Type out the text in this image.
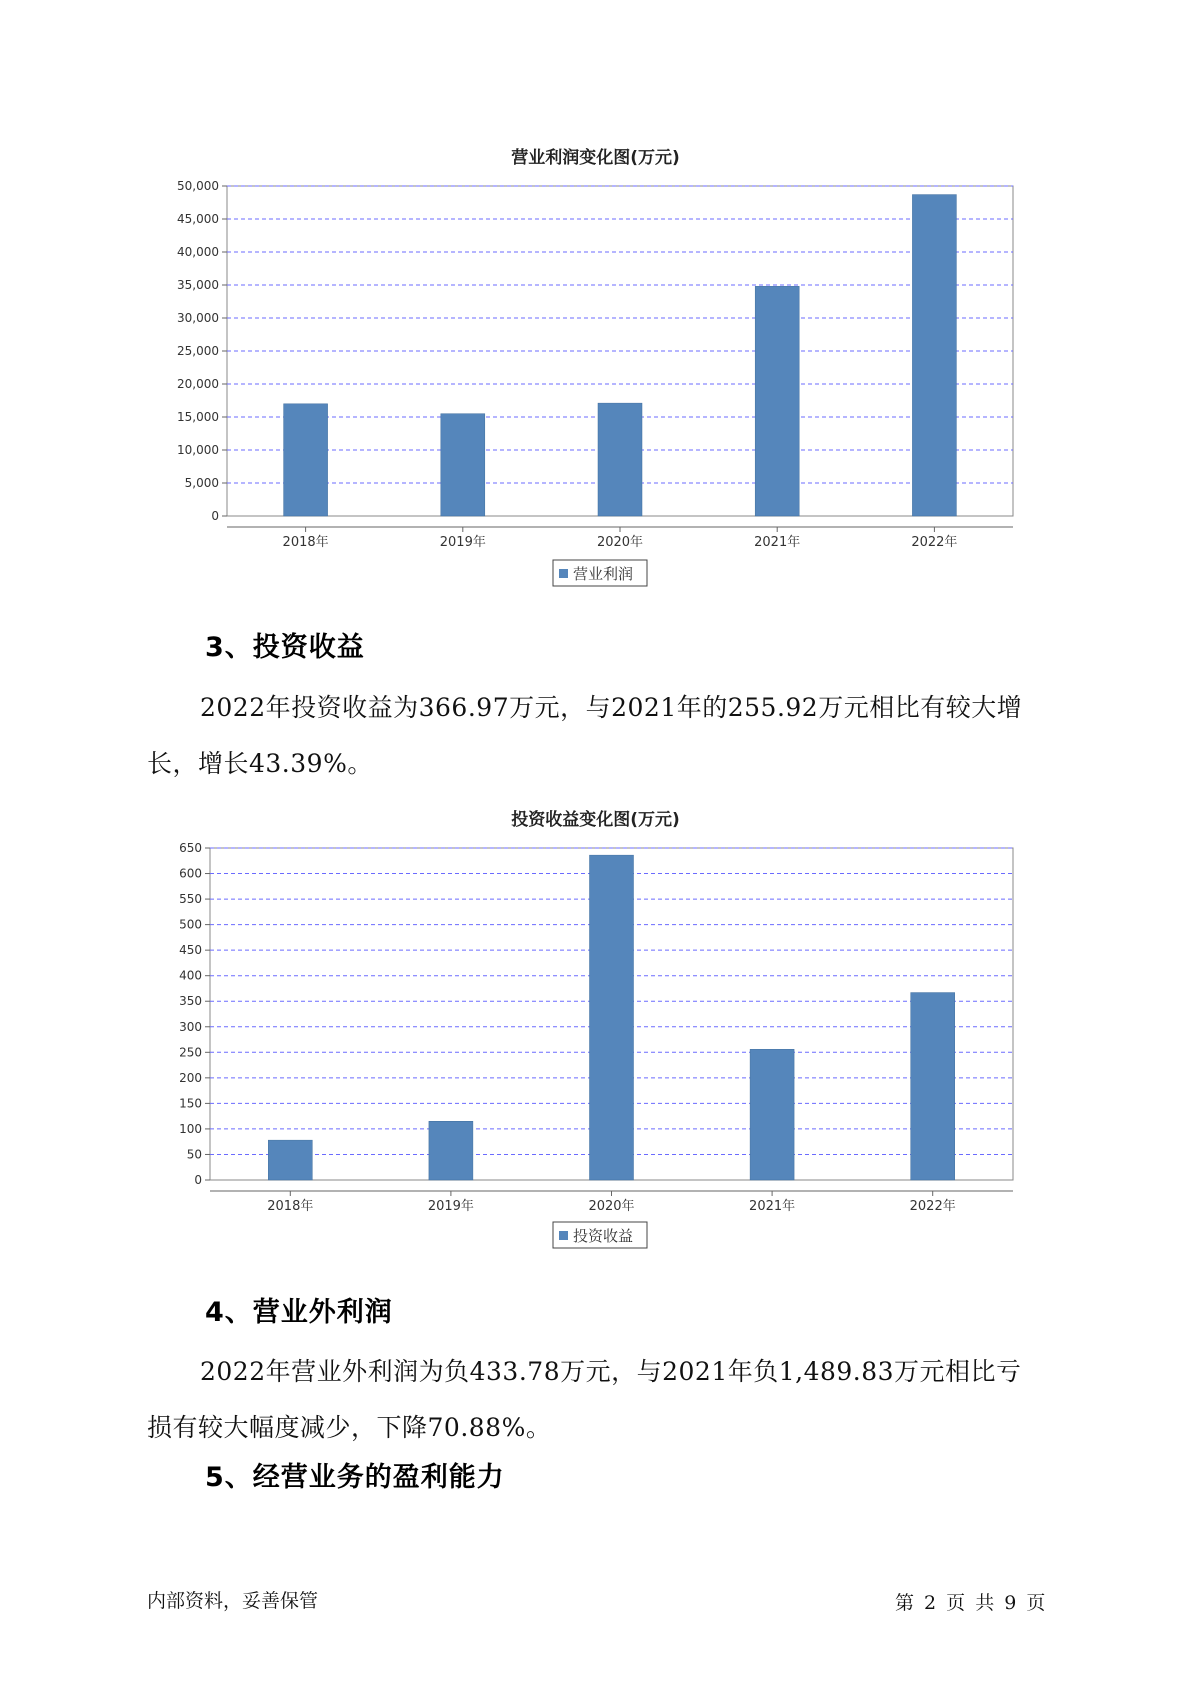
营业利润变化图(万元)
0
5,000
10,000
15,000
20,000
25,000
30,000
35,000
40,000
45,000
50,000
2018年	2019年	2020年	2021年	2022年
营业利润
3、投资收益
2022年投资收益为366.97万元，与2021年的255.92万元相比有较大增长，增长43.39%。
投资收益变化图(万元)
0
50
100
150
200
250
300
350
400
450
500
550
600
650
2018年	2019年	2020年	2021年	2022年
投资收益
4、营业外利润
2022年营业外利润为负433.78万元，与2021年负1,489.83万元相比亏损有较大幅度减少，下降70.88%。
5、经营业务的盈利能力
内部资料，妥善保管	第 2 页 共 9 页
